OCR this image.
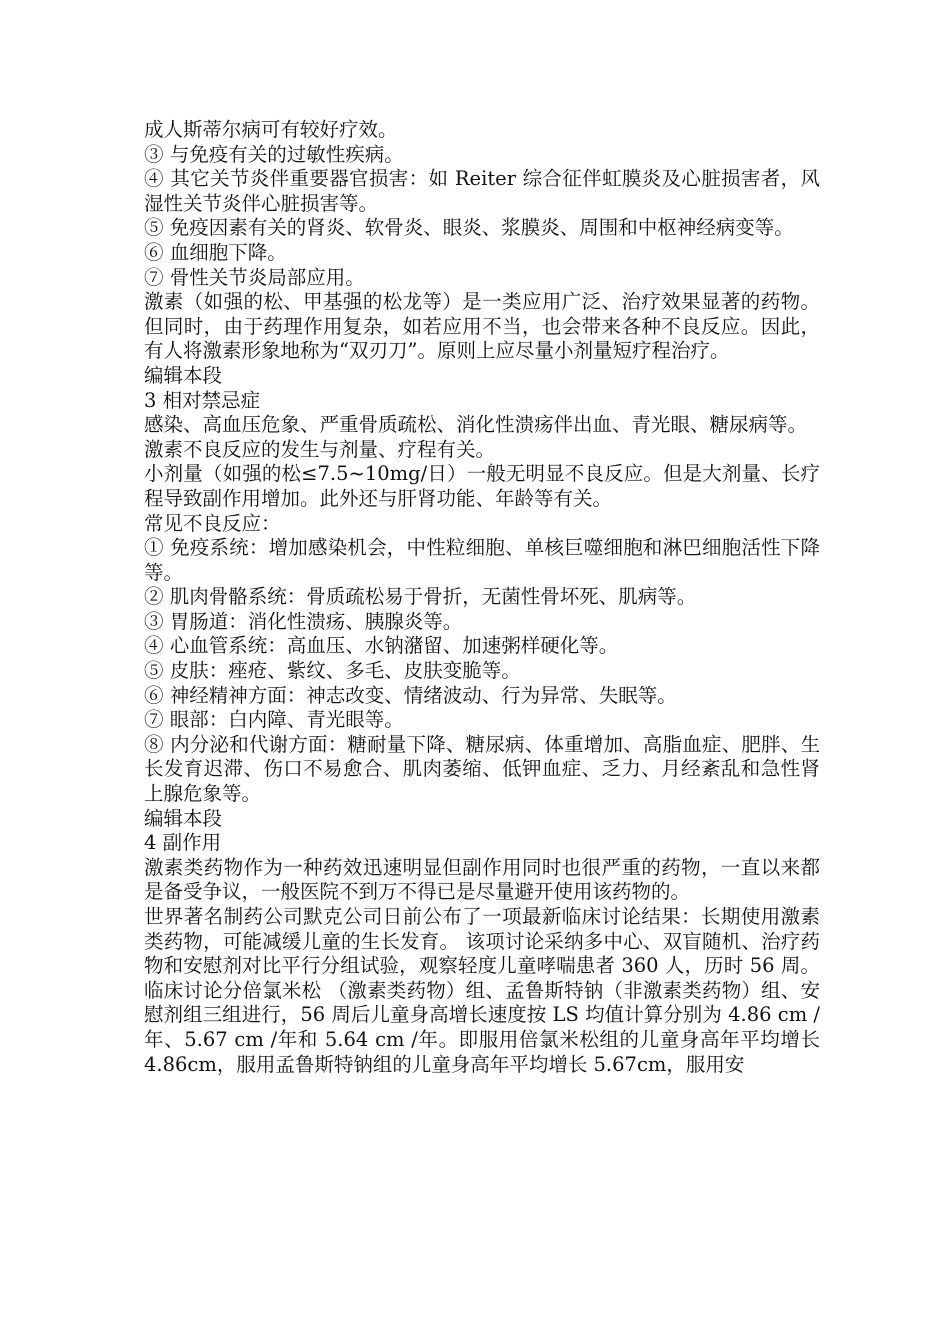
成人斯蒂尔病可有较好疗效。

③ 与免疫有关的过敏性疾病。

④ 其它关节炎伴重要器官损害：如 Reiter 综合征伴虹膜炎及心脏损害者，风湿性关节炎伴心脏损害等。

⑤ 免疫因素有关的肾炎、软骨炎、眼炎、浆膜炎、周围和中枢神经病变等。

⑥ 血细胞下降。

⑦ 骨性关节炎局部应用。

激素（如强的松、甲基强的松龙等）是一类应用广泛、治疗效果显著的药物。但同时，由于药理作用复杂，如若应用不当，也会带来各种不良反应。因此，有人将激素形象地称为“双刃刀”。原则上应尽量小剂量短疗程治疗。

编辑本段

3 相对禁忌症

感染、高血压危象、严重骨质疏松、消化性溃疡伴出血、青光眼、糖尿病等。

激素不良反应的发生与剂量、疗程有关。

小剂量（如强的松≤7.5~10mg/日）一般无明显不良反应。但是大剂量、长疗程导致副作用增加。此外还与肝肾功能、年龄等有关。

常见不良反应：

① 免疫系统：增加感染机会，中性粒细胞、单核巨噬细胞和淋巴细胞活性下降等。

② 肌肉骨骼系统：骨质疏松易于骨折，无菌性骨坏死、肌病等。

③ 胃肠道：消化性溃疡、胰腺炎等。

④ 心血管系统：高血压、水钠潴留、加速粥样硬化等。

⑤ 皮肤：痤疮、紫纹、多毛、皮肤变脆等。

⑥ 神经精神方面：神志改变、情绪波动、行为异常、失眠等。

⑦ 眼部：白内障、青光眼等。

⑧ 内分泌和代谢方面：糖耐量下降、糖尿病、体重增加、高脂血症、肥胖、生长发育迟滞、伤口不易愈合、肌肉萎缩、低钾血症、乏力、月经紊乱和急性肾上腺危象等。

编辑本段

4 副作用

激素类药物作为一种药效迅速明显但副作用同时也很严重的药物，一直以来都是备受争议，一般医院不到万不得已是尽量避开使用该药物的。

世界著名制药公司默克公司日前公布了一项最新临床讨论结果：长期使用激素类药物，可能减缓儿童的生长发育。 该项讨论采纳多中心、双盲随机、治疗药物和安慰剂对比平行分组试验，观察轻度儿童哮喘患者 360 人，历时 56 周。临床讨论分倍氯米松 （激素类药物）组、孟鲁斯特钠（非激素类药物）组、安慰剂组三组进行，56 周后儿童身高增长速度按 LS 均值计算分别为 4.86 cm /年、5.67 cm /年和 5.64 cm /年。即服用倍氯米松组的儿童身高年平均增长 4.86cm，服用孟鲁斯特钠组的儿童身高年平均增长 5.67cm，服用安
